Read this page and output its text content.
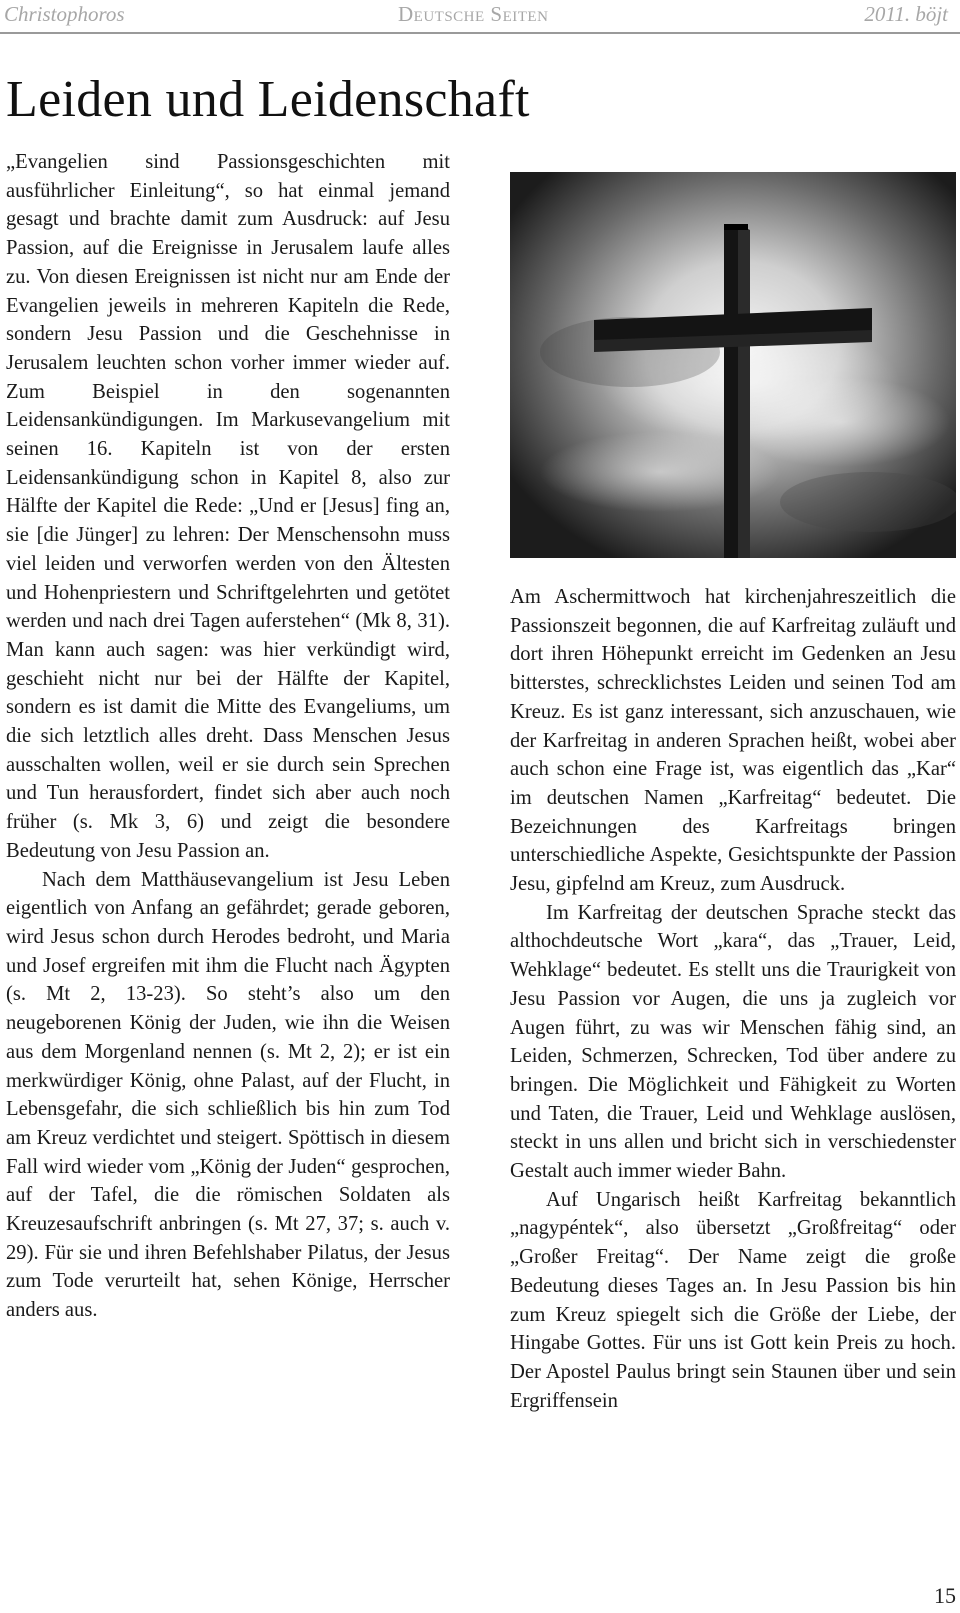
Christophoros	Deutsche Seiten	2011. böjt
Leiden und Leidenschaft

„Evangelien sind Passionsgeschichten mit ausführlicher Einleitung“, so hat einmal jemand gesagt und brachte damit zum Ausdruck: auf Jesu Passion, auf die Ereignisse in Jerusalem laufe alles zu. Von diesen Ereignissen ist nicht nur am Ende der Evangelien jeweils in mehreren Kapiteln die Rede, sondern Jesu Passion und die Geschehnisse in Jerusalem leuchten schon vorher immer wieder auf. Zum Beispiel in den sogenannten Leidensankündigungen. Im Markusevangelium mit seinen 16. Kapiteln ist von der ersten Leidensankündigung schon in Kapitel 8, also zur Hälfte der Kapitel die Rede: „Und er [Jesus] fing an, sie [die Jünger] zu lehren: Der Menschensohn muss viel leiden und verworfen werden von den Ältesten und Hohenpriestern und Schriftgelehrten und getötet werden und nach drei Tagen auferstehen“ (Mk 8, 31). Man kann auch sagen: was hier verkündigt wird, geschieht nicht nur bei der Hälfte der Kapitel, sondern es ist damit die Mitte des Evangeliums, um die sich letztlich alles dreht. Dass Menschen Jesus ausschalten wollen, weil er sie durch sein Sprechen und Tun herausfordert, findet sich aber auch noch früher (s. Mk 3, 6) und zeigt die besondere Bedeutung von Jesu Passion an.

Nach dem Matthäusevangelium ist Jesu Leben eigentlich von Anfang an gefährdet; gerade geboren, wird Jesus schon durch Herodes bedroht, und Maria und Josef ergreifen mit ihm die Flucht nach Ägypten (s. Mt 2, 13-23). So steht’s also um den neugeborenen König der Juden, wie ihn die Weisen aus dem Morgenland nennen (s. Mt 2, 2); er ist ein merkwürdiger König, ohne Palast, auf der Flucht, in Lebensgefahr, die sich schließlich bis hin zum Tod am Kreuz verdichtet und steigert. Spöttisch in diesem Fall wird wieder vom „König der Juden“ gesprochen, auf der Tafel, die die römischen Soldaten als Kreuzesaufschrift anbringen (s. Mt 27, 37; s. auch v. 29). Für sie und ihren Befehlshaber Pilatus, der Jesus zum Tode verurteilt hat, sehen Könige, Herrscher anders aus.

Am Aschermittwoch hat kirchenjahreszeitlich die Passionszeit begonnen, die auf Karfreitag zuläuft und dort ihren Höhepunkt erreicht im Gedenken an Jesu bitterstes, schrecklichstes Leiden und seinen Tod am Kreuz. Es ist ganz interessant, sich anzuschauen, wie der Karfreitag in anderen Sprachen heißt, wobei aber auch schon eine Frage ist, was eigentlich das „Kar“ im deutschen Namen „Karfreitag“ bedeutet. Die Bezeichnungen des Karfreitags bringen unterschiedliche Aspekte, Gesichtspunkte der Passion Jesu, gipfelnd am Kreuz, zum Ausdruck.

Im Karfreitag der deutschen Sprache steckt das althochdeutsche Wort „kara“, das „Trauer, Leid, Wehklage“ bedeutet. Es stellt uns die Traurigkeit von Jesu Passion vor Augen, die uns ja zugleich vor Augen führt, zu was wir Menschen fähig sind, an Leiden, Schmerzen, Schrecken, Tod über andere zu bringen. Die Möglichkeit und Fähigkeit zu Worten und Taten, die Trauer, Leid und Wehklage auslösen, steckt in uns allen und bricht sich in verschiedenster Gestalt auch immer wieder Bahn.

Auf Ungarisch heißt Karfreitag bekanntlich „nagypéntek“, also übersetzt „Großfreitag“ oder „Großer Freitag“. Der Name zeigt die große Bedeutung dieses Tages an. In Jesu Passion bis hin zum Kreuz spiegelt sich die Größe der Liebe, der Hingabe Gottes. Für uns ist Gott kein Preis zu hoch. Der Apostel Paulus bringt sein Staunen über und sein Ergriffensein

15
